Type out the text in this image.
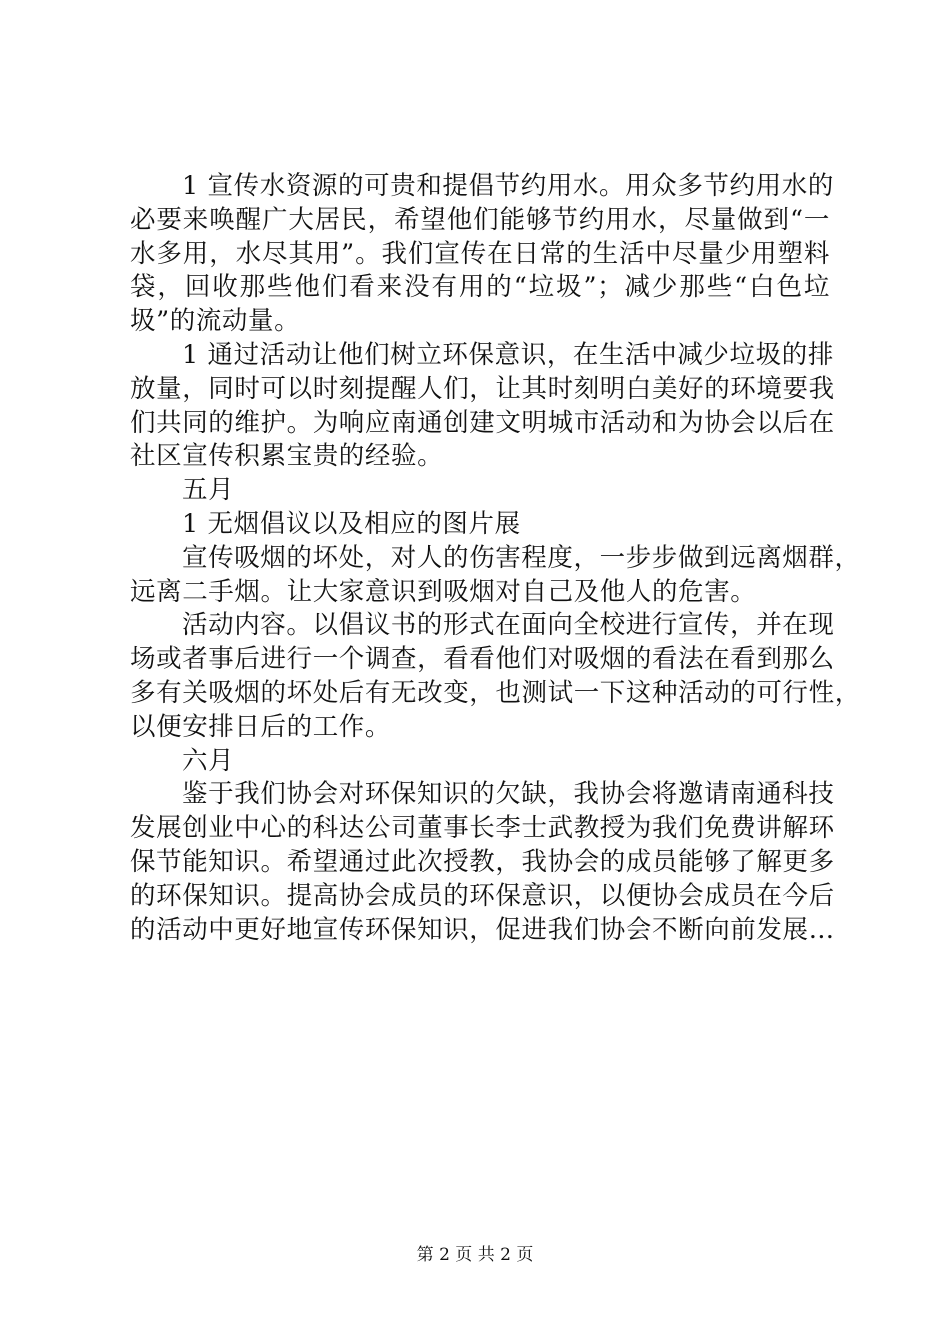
1 宣传水资源的可贵和提倡节约用水。用众多节约用水的
必要来唤醒广大居民，希望他们能够节约用水，尽量做到“一
水多用，水尽其用”。我们宣传在日常的生活中尽量少用塑料
袋，回收那些他们看来没有用的“垃圾”；减少那些“白色垃
圾”的流动量。
1 通过活动让他们树立环保意识，在生活中减少垃圾的排
放量，同时可以时刻提醒人们，让其时刻明白美好的环境要我
们共同的维护。为响应南通创建文明城市活动和为协会以后在
社区宣传积累宝贵的经验。
五月
1 无烟倡议以及相应的图片展
宣传吸烟的坏处，对人的伤害程度，一步步做到远离烟群，
远离二手烟。让大家意识到吸烟对自己及他人的危害。
活动内容。以倡议书的形式在面向全校进行宣传，并在现
场或者事后进行一个调查，看看他们对吸烟的看法在看到那么
多有关吸烟的坏处后有无改变，也测试一下这种活动的可行性，
以便安排日后的工作。
六月
鉴于我们协会对环保知识的欠缺，我协会将邀请南通科技
发展创业中心的科达公司董事长李士武教授为我们免费讲解环
保节能知识。希望通过此次授教，我协会的成员能够了解更多
的环保知识。提高协会成员的环保意识，以便协会成员在今后
的活动中更好地宣传环保知识，促进我们协会不断向前发展…
第 2 页 共 2 页
